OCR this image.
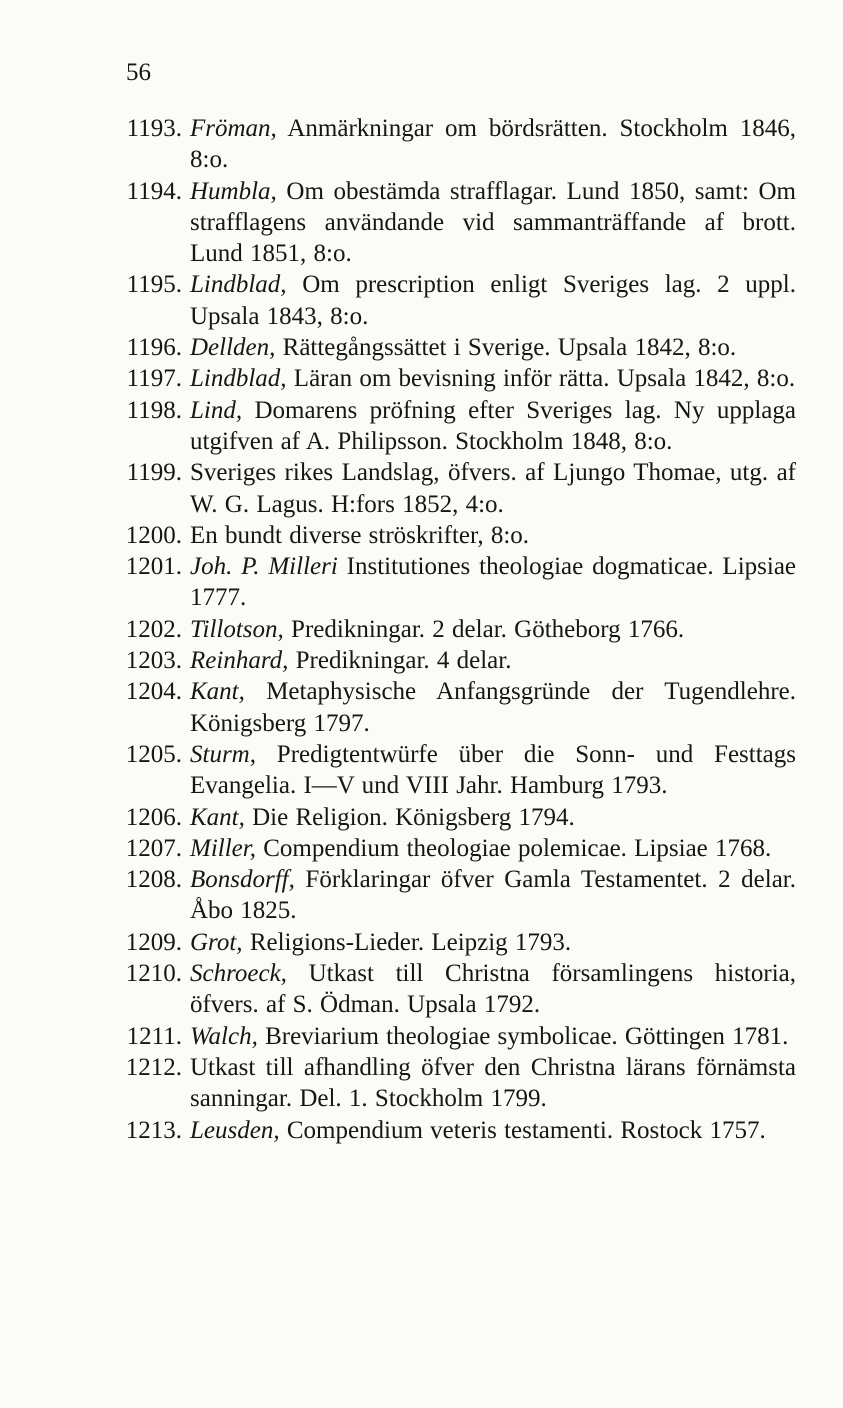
56
1193. Fröman, Anmärkningar om bördsrätten. Stockholm 1846, 8:o.
1194. Humbla, Om obestämda strafflagar. Lund 1850, samt: Om strafflagens användande vid sammanträffande af brott. Lund 1851, 8:o.
1195. Lindblad, Om prescription enligt Sveriges lag. 2 uppl. Upsala 1843, 8:o.
1196. Dellden, Rättegångssättet i Sverige. Upsala 1842, 8:o.
1197. Lindblad, Läran om bevisning inför rätta. Upsala 1842, 8:o.
1198. Lind, Domarens pröfning efter Sveriges lag. Ny upplaga utgifven af A. Philipsson. Stockholm 1848, 8:o.
1199. Sveriges rikes Landslag, öfvers. af Ljungo Thomae, utg. af W. G. Lagus. H:fors 1852, 4:o.
1200. En bundt diverse ströskrifter, 8:o.
1201. Joh. P. Milleri Institutiones theologiae dogmaticae. Lipsiae 1777.
1202. Tillotson, Predikningar. 2 delar. Götheborg 1766.
1203. Reinhard, Predikningar. 4 delar.
1204. Kant, Metaphysische Anfangsgründe der Tugendlehre. Königsberg 1797.
1205. Sturm, Predigtentwürfe über die Sonn- und Festtags Evangelia. I—V und VIII Jahr. Hamburg 1793.
1206. Kant, Die Religion. Königsberg 1794.
1207. Miller, Compendium theologiae polemicae. Lipsiae 1768.
1208. Bonsdorff, Förklaringar öfver Gamla Testamentet. 2 delar. Åbo 1825.
1209. Grot, Religions-Lieder. Leipzig 1793.
1210. Schroeck, Utkast till Christna församlingens historia, öfvers. af S. Ödman. Upsala 1792.
1211. Walch, Breviarium theologiae symbolicae. Göttingen 1781.
1212. Utkast till afhandling öfver den Christna lärans förnämsta sanningar. Del. 1. Stockholm 1799.
1213. Leusden, Compendium veteris testamenti. Rostock 1757.
